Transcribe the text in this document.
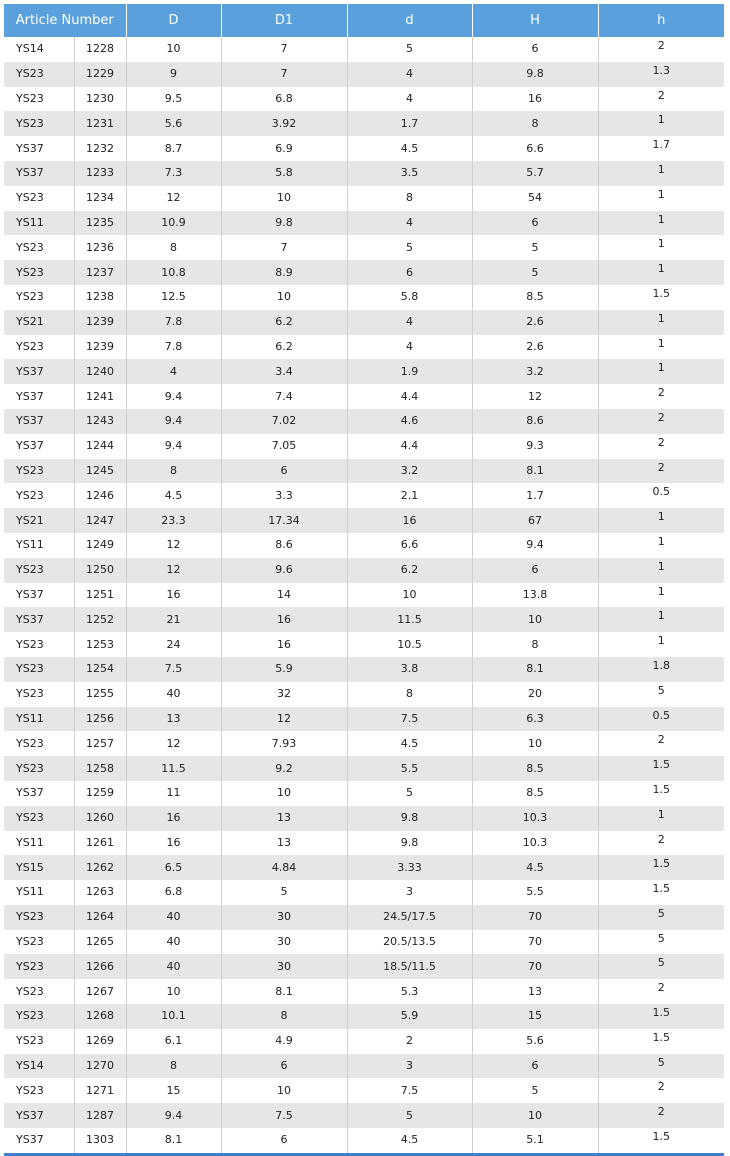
Article Number		D	D1	d	H	h
YS14	1228	10	7	5	6	2
YS23	1229	9	7	4	9.8	1.3
YS23	1230	9.5	6.8	4	16	2
YS23	1231	5.6	3.92	1.7	8	1
YS37	1232	8.7	6.9	4.5	6.6	1.7
YS37	1233	7.3	5.8	3.5	5.7	1
YS23	1234	12	10	8	54	1
YS11	1235	10.9	9.8	4	6	1
YS23	1236	8	7	5	5	1
YS23	1237	10.8	8.9	6	5	1
YS23	1238	12.5	10	5.8	8.5	1.5
YS21	1239	7.8	6.2	4	2.6	1
YS23	1239	7.8	6.2	4	2.6	1
YS37	1240	4	3.4	1.9	3.2	1
YS37	1241	9.4	7.4	4.4	12	2
YS37	1243	9.4	7.02	4.6	8.6	2
YS37	1244	9.4	7.05	4.4	9.3	2
YS23	1245	8	6	3.2	8.1	2
YS23	1246	4.5	3.3	2.1	1.7	0.5
YS21	1247	23.3	17.34	16	67	1
YS11	1249	12	8.6	6.6	9.4	1
YS23	1250	12	9.6	6.2	6	1
YS37	1251	16	14	10	13.8	1
YS37	1252	21	16	11.5	10	1
YS23	1253	24	16	10.5	8	1
YS23	1254	7.5	5.9	3.8	8.1	1.8
YS23	1255	40	32	8	20	5
YS11	1256	13	12	7.5	6.3	0.5
YS23	1257	12	7.93	4.5	10	2
YS23	1258	11.5	9.2	5.5	8.5	1.5
YS37	1259	11	10	5	8.5	1.5
YS23	1260	16	13	9.8	10.3	1
YS11	1261	16	13	9.8	10.3	2
YS15	1262	6.5	4.84	3.33	4.5	1.5
YS11	1263	6.8	5	3	5.5	1.5
YS23	1264	40	30	24.5/17.5	70	5
YS23	1265	40	30	20.5/13.5	70	5
YS23	1266	40	30	18.5/11.5	70	5
YS23	1267	10	8.1	5.3	13	2
YS23	1268	10.1	8	5.9	15	1.5
YS23	1269	6.1	4.9	2	5.6	1.5
YS14	1270	8	6	3	6	5
YS23	1271	15	10	7.5	5	2
YS37	1287	9.4	7.5	5	10	2
YS37	1303	8.1	6	4.5	5.1	1.5
